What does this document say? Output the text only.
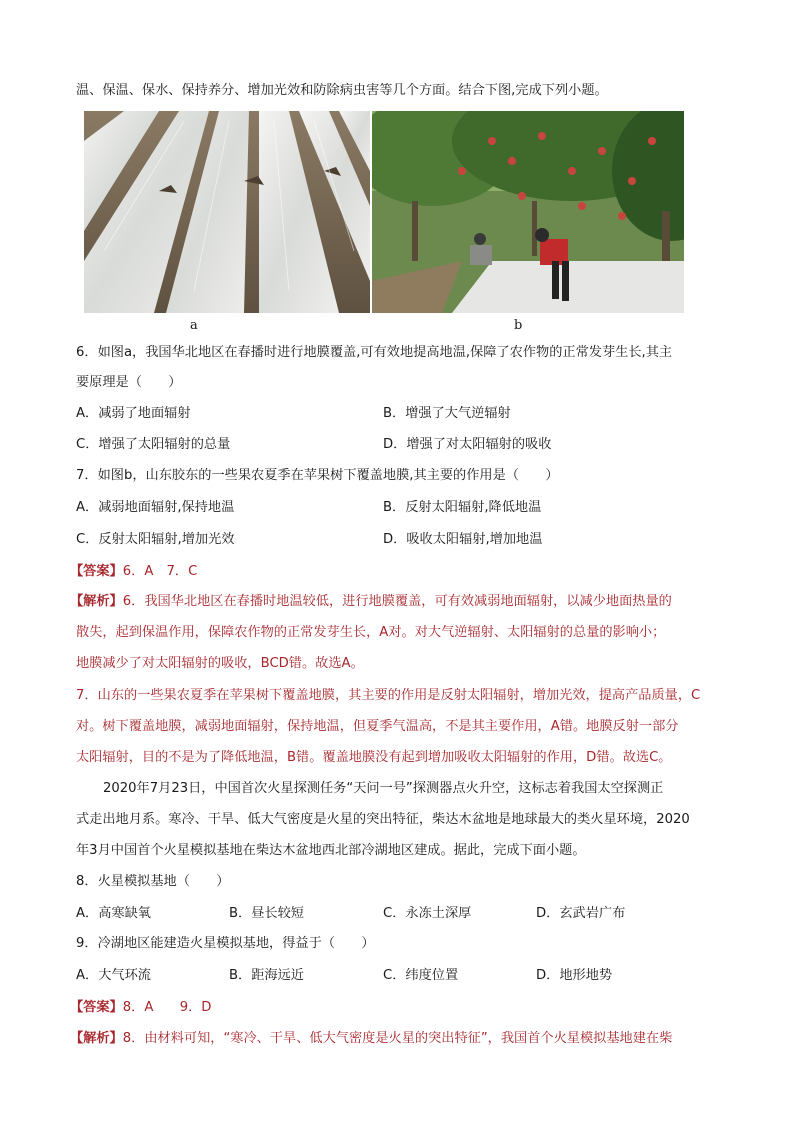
温、保温、保水、保持养分、增加光效和防除病虫害等几个方面。结合下图,完成下列小题。
a	b
6．如图a，我国华北地区在春播时进行地膜覆盖,可有效地提高地温,保障了农作物的正常发芽生长,其主
要原理是（　　）
A．减弱了地面辐射	B．增强了大气逆辐射
C．增强了太阳辐射的总量	D．增强了对太阳辐射的吸收
7．如图b，山东胶东的一些果农夏季在苹果树下覆盖地膜,其主要的作用是（　　）
A．减弱地面辐射,保持地温	B．反射太阳辐射,降低地温
C．反射太阳辐射,增加光效	D．吸收太阳辐射,增加地温
【答案】6．A　7．C
【解析】6．我国华北地区在春播时地温较低，进行地膜覆盖，可有效减弱地面辐射，以减少地面热量的
散失，起到保温作用，保障农作物的正常发芽生长，A对。对大气逆辐射、太阳辐射的总量的影响小；
地膜减少了对太阳辐射的吸收，BCD错。故选A。
7．山东的一些果农夏季在苹果树下覆盖地膜，其主要的作用是反射太阳辐射，增加光效，提高产品质量，C
对。树下覆盖地膜，减弱地面辐射，保持地温，但夏季气温高，不是其主要作用，A错。地膜反射一部分
太阳辐射，目的不是为了降低地温，B错。覆盖地膜没有起到增加吸收太阳辐射的作用，D错。故选C。
2020年7月23日，中国首次火星探测任务“天问一号”探测器点火升空，这标志着我国太空探测正
式走出地月系。寒冷、干旱、低大气密度是火星的突出特征，柴达木盆地是地球最大的类火星环境，2020
年3月中国首个火星模拟基地在柴达木盆地西北部冷湖地区建成。据此，完成下面小题。
8．火星模拟基地（　　）
A．高寒缺氧	B．昼长较短	C．永冻土深厚	D．玄武岩广布
9．冷湖地区能建造火星模拟基地，得益于（　　）
A．大气环流	B．距海远近	C．纬度位置	D．地形地势
【答案】8．A　　9．D
【解析】8．由材料可知，“寒冷、干旱、低大气密度是火星的突出特征”，我国首个火星模拟基地建在柴
